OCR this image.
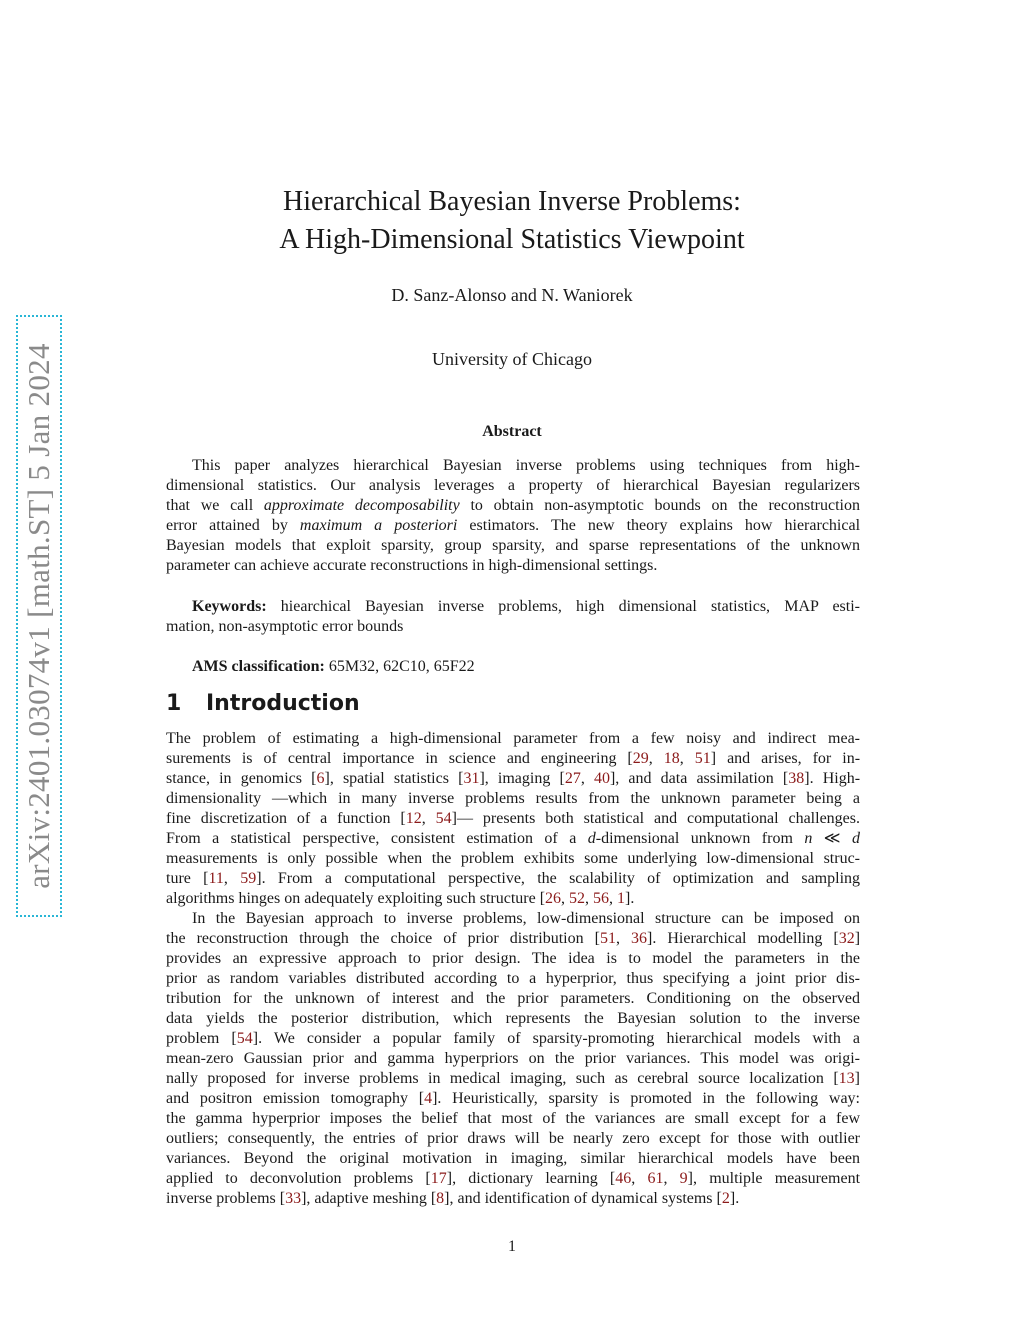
arXiv:2401.03074v1 [math.ST] 5 Jan 2024
Hierarchical Bayesian Inverse Problems:
A High-Dimensional Statistics Viewpoint
D. Sanz-Alonso and N. Waniorek
University of Chicago
Abstract
This paper analyzes hierarchical Bayesian inverse problems using techniques from high-
dimensional statistics. Our analysis leverages a property of hierarchical Bayesian regularizers
that we call approximate decomposability to obtain non-asymptotic bounds on the reconstruction
error attained by maximum a posteriori estimators. The new theory explains how hierarchical
Bayesian models that exploit sparsity, group sparsity, and sparse representations of the unknown
parameter can achieve accurate reconstructions in high-dimensional settings.
Keywords: hiearchical Bayesian inverse problems, high dimensional statistics, MAP esti-
mation, non-asymptotic error bounds
AMS classification: 65M32, 62C10, 65F22
1 Introduction
The problem of estimating a high-dimensional parameter from a few noisy and indirect mea-
surements is of central importance in science and engineering [29, 18, 51] and arises, for in-
stance, in genomics [6], spatial statistics [31], imaging [27, 40], and data assimilation [38]. High-
dimensionality —which in many inverse problems results from the unknown parameter being a
fine discretization of a function [12, 54]— presents both statistical and computational challenges.
From a statistical perspective, consistent estimation of a d-dimensional unknown from n ≪ d
measurements is only possible when the problem exhibits some underlying low-dimensional struc-
ture [11, 59]. From a computational perspective, the scalability of optimization and sampling
algorithms hinges on adequately exploiting such structure [26, 52, 56, 1].
In the Bayesian approach to inverse problems, low-dimensional structure can be imposed on
the reconstruction through the choice of prior distribution [51, 36]. Hierarchical modelling [32]
provides an expressive approach to prior design. The idea is to model the parameters in the
prior as random variables distributed according to a hyperprior, thus specifying a joint prior dis-
tribution for the unknown of interest and the prior parameters. Conditioning on the observed
data yields the posterior distribution, which represents the Bayesian solution to the inverse
problem [54]. We consider a popular family of sparsity-promoting hierarchical models with a
mean-zero Gaussian prior and gamma hyperpriors on the prior variances. This model was origi-
nally proposed for inverse problems in medical imaging, such as cerebral source localization [13]
and positron emission tomography [4]. Heuristically, sparsity is promoted in the following way:
the gamma hyperprior imposes the belief that most of the variances are small except for a few
outliers; consequently, the entries of prior draws will be nearly zero except for those with outlier
variances. Beyond the original motivation in imaging, similar hierarchical models have been
applied to deconvolution problems [17], dictionary learning [46, 61, 9], multiple measurement
inverse problems [33], adaptive meshing [8], and identification of dynamical systems [2].
1
